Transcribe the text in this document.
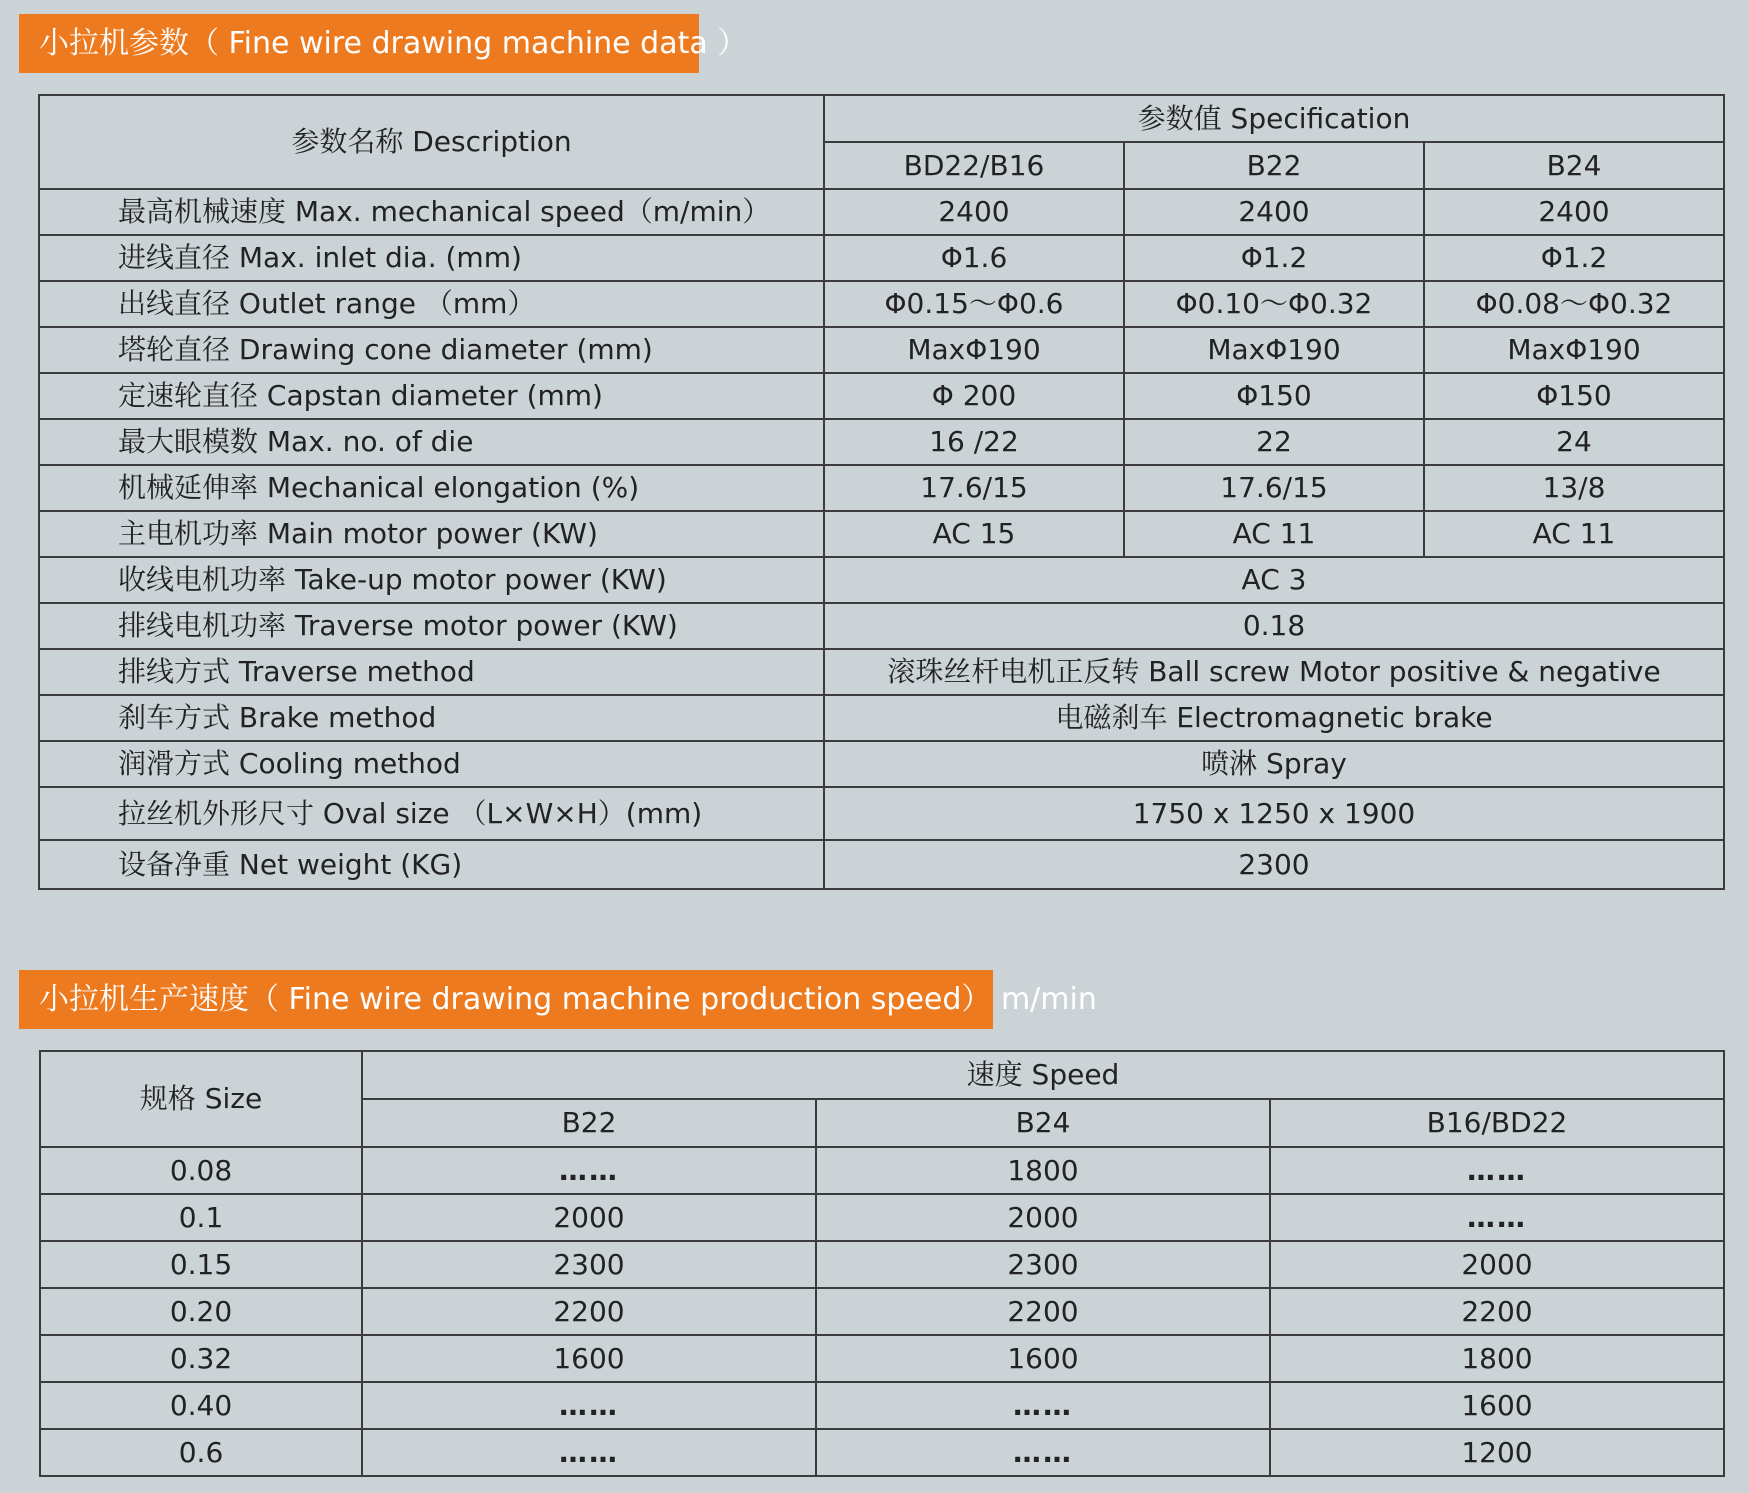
小拉机参数（ Fine wire drawing machine data ）
参数名称 Description	参数值 Specification		
	BD22/B16	B22	B24
最高机械速度 Max. mechanical speed（m/min）	2400	2400	2400
进线直径 Max. inlet dia. (mm)	Φ1.6	Φ1.2	Φ1.2
出线直径 Outlet range （mm）	Φ0.15～Φ0.6	Φ0.10～Φ0.32	Φ0.08～Φ0.32
塔轮直径 Drawing cone diameter (mm)	MaxΦ190	MaxΦ190	MaxΦ190
定速轮直径 Capstan diameter (mm)	Φ 200	Φ150	Φ150
最大眼模数 Max. no. of die	16 /22	22	24
机械延伸率 Mechanical elongation (%)	17.6/15	17.6/15	13/8
主电机功率 Main motor power (KW)	AC 15	AC 11	AC 11
收线电机功率 Take-up motor power (KW)	AC 3		
排线电机功率 Traverse motor power (KW)	0.18		
排线方式 Traverse method	滚珠丝杆电机正反转 Ball screw Motor positive & negative		
刹车方式 Brake method	电磁刹车 Electromagnetic brake		
润滑方式 Cooling method	喷淋 Spray		
拉丝机外形尺寸 Oval size （L×W×H）(mm)	1750 x 1250 x 1900		
设备净重 Net weight (KG)	2300		
小拉机生产速度（ Fine wire drawing machine production speed） m/min
规格 Size	速度 Speed		
	B22	B24	B16/BD22
0.08	……	1800	……
0.1	2000	2000	……
0.15	2300	2300	2000
0.20	2200	2200	2200
0.32	1600	1600	1800
0.40	……	……	1600
0.6	……	……	1200
